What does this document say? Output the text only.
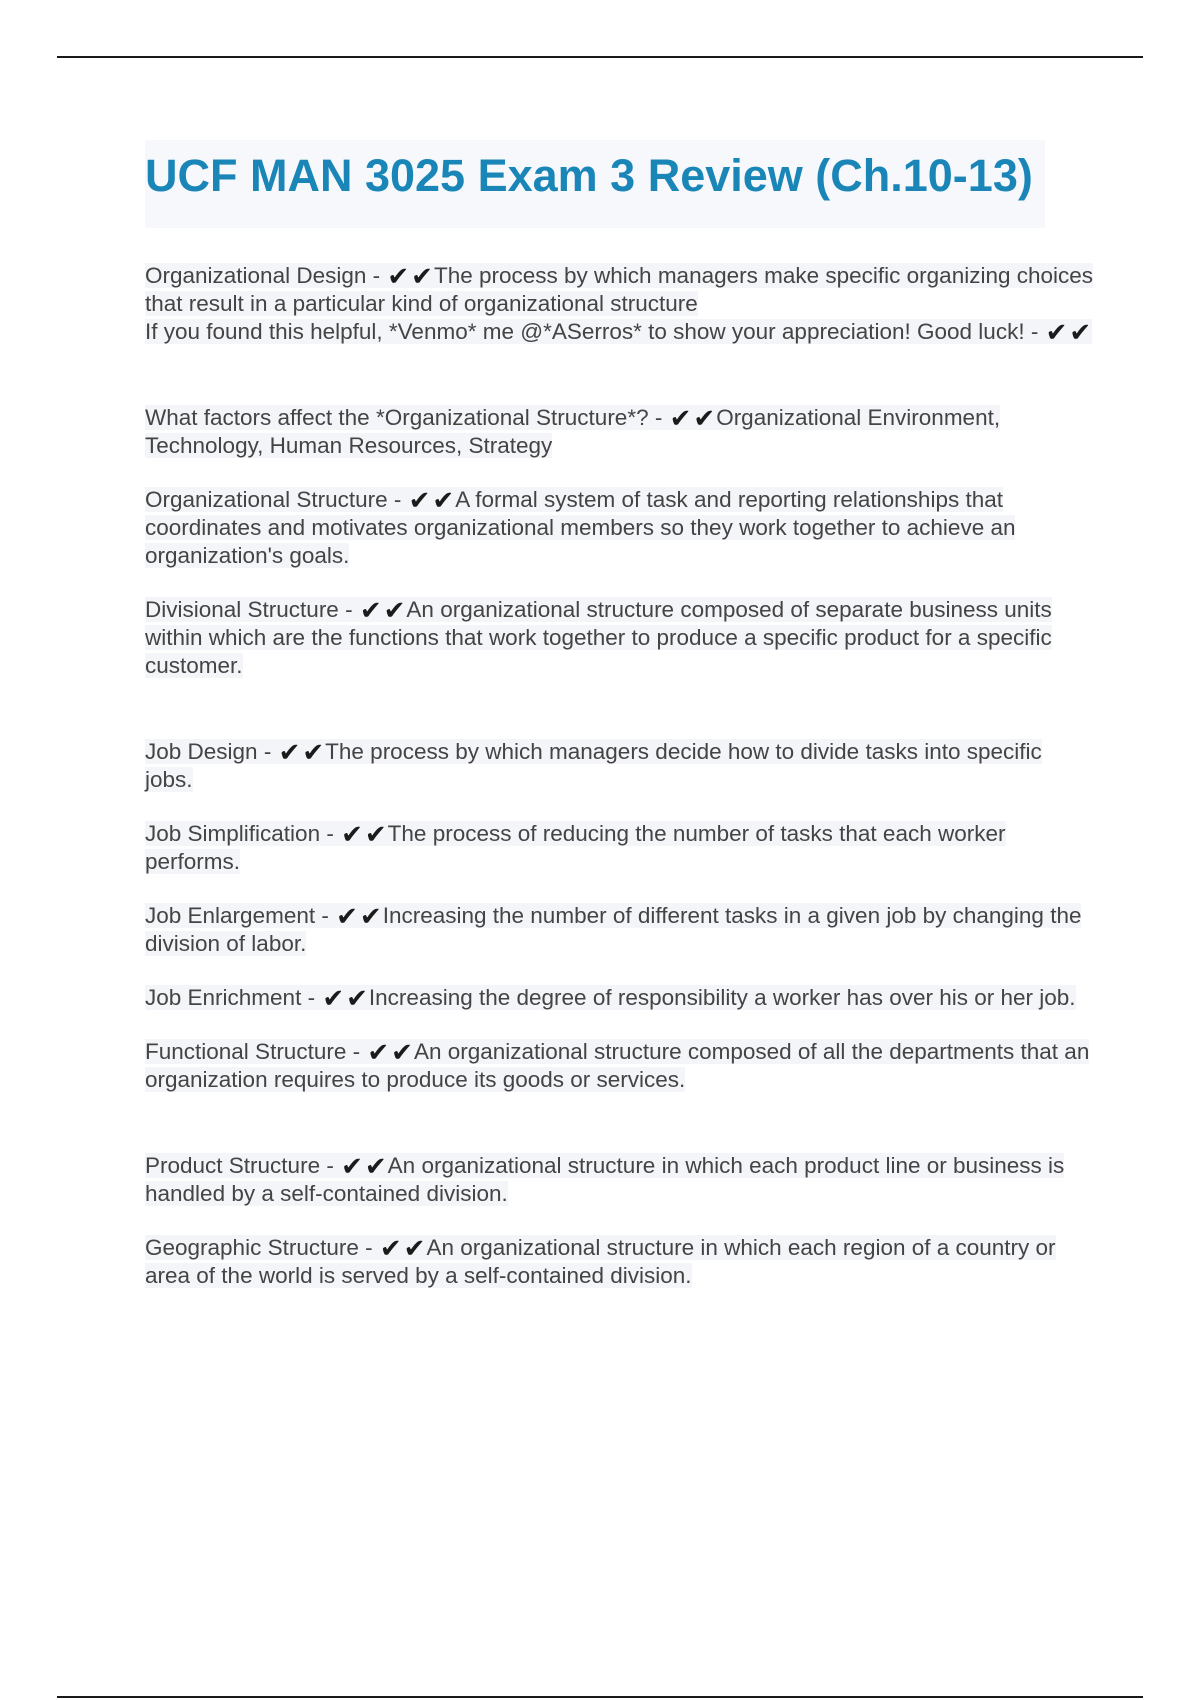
UCF MAN 3025 Exam 3 Review (Ch.10-13)

Organizational Design - ✔✔The process by which managers make specific organizing choices that result in a particular kind of organizational structure
If you found this helpful, *Venmo* me @*ASerros* to show your appreciation! Good luck! - ✔✔

What factors affect the *Organizational Structure*? - ✔✔Organizational Environment, Technology, Human Resources, Strategy

Organizational Structure - ✔✔A formal system of task and reporting relationships that coordinates and motivates organizational members so they work together to achieve an organization's goals.

Divisional Structure - ✔✔An organizational structure composed of separate business units within which are the functions that work together to produce a specific product for a specific customer.

Job Design - ✔✔The process by which managers decide how to divide tasks into specific jobs.

Job Simplification - ✔✔The process of reducing the number of tasks that each worker performs.

Job Enlargement - ✔✔Increasing the number of different tasks in a given job by changing the division of labor.

Job Enrichment - ✔✔Increasing the degree of responsibility a worker has over his or her job.

Functional Structure - ✔✔An organizational structure composed of all the departments that an organization requires to produce its goods or services.

Product Structure - ✔✔An organizational structure in which each product line or business is handled by a self-contained division.

Geographic Structure - ✔✔An organizational structure in which each region of a country or area of the world is served by a self-contained division.
